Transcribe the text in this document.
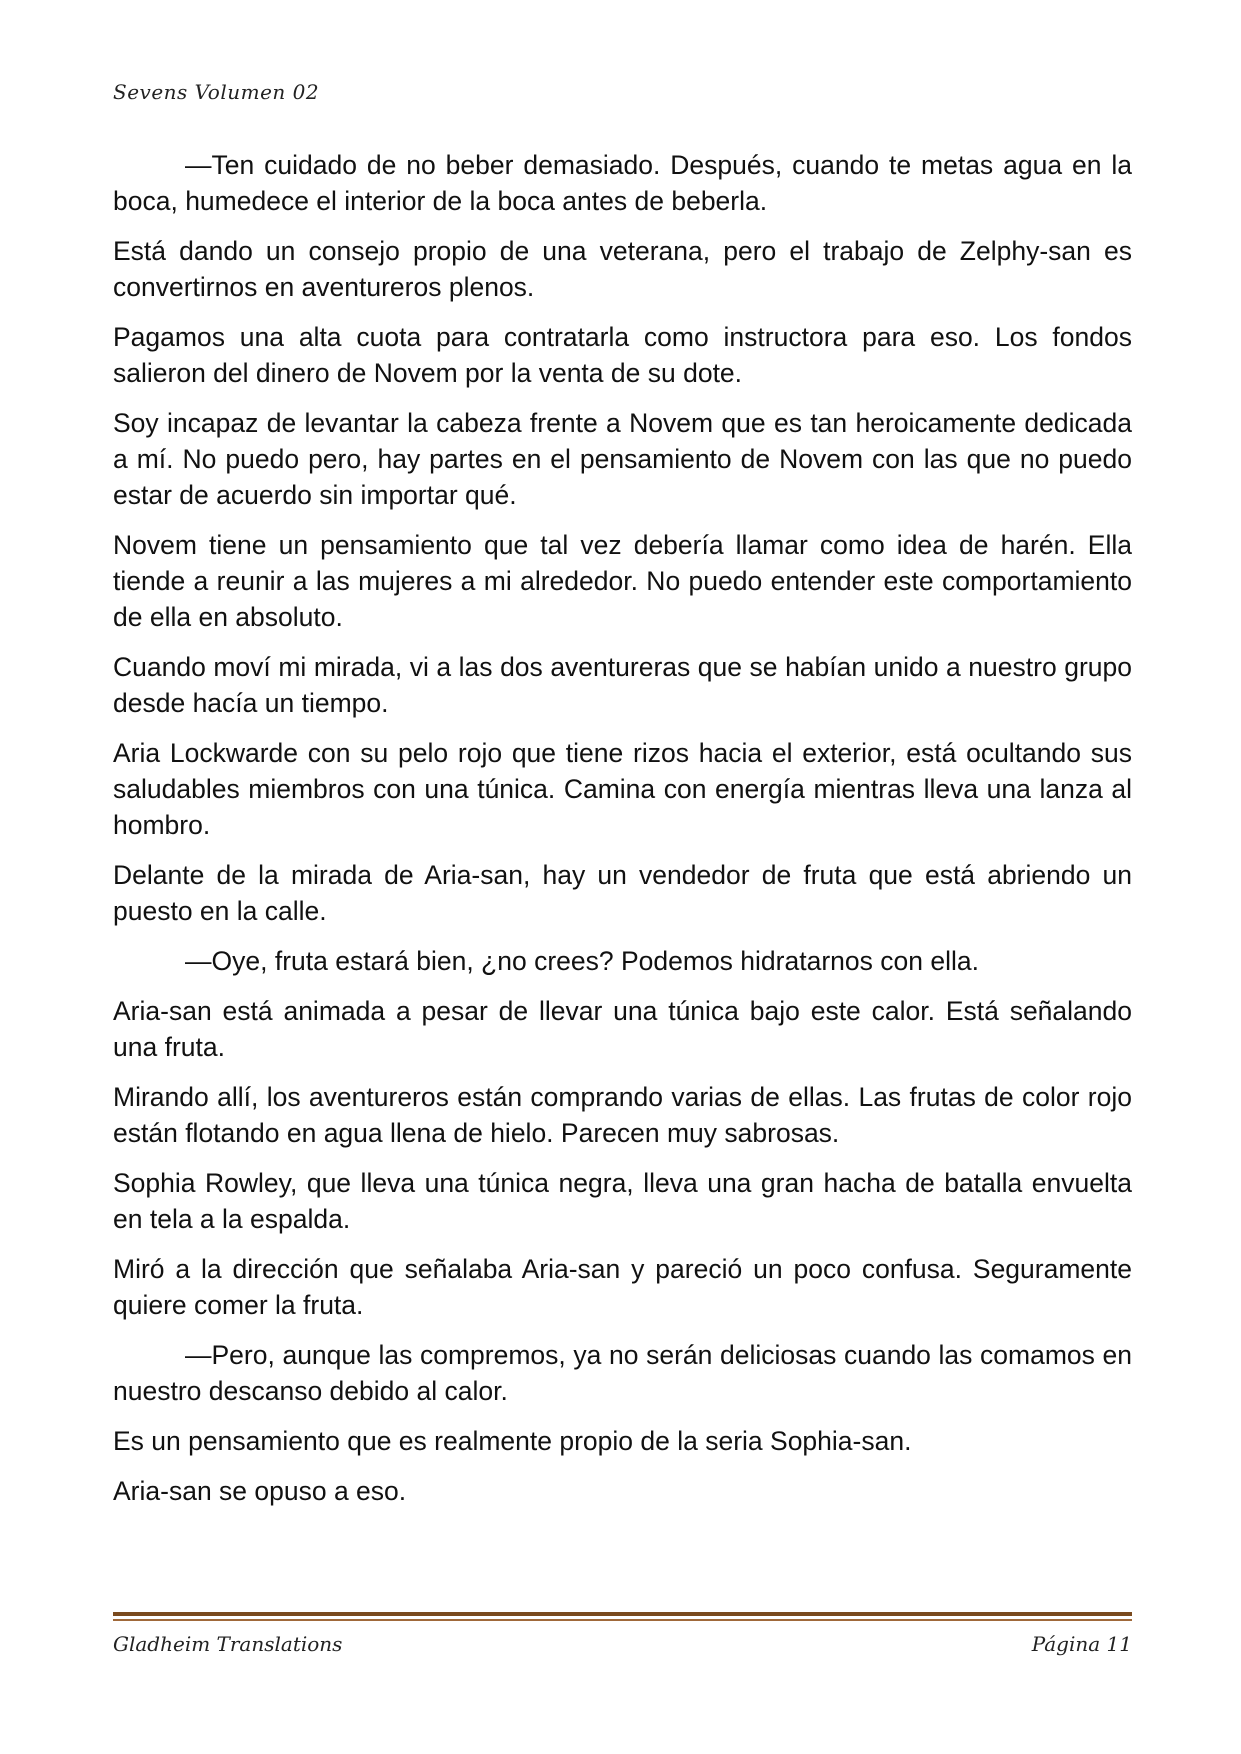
Sevens Volumen 02

—Ten cuidado de no beber demasiado. Después, cuando te metas agua en la boca, humedece el interior de la boca antes de beberla.

Está dando un consejo propio de una veterana, pero el trabajo de Zelphy-san es convertirnos en aventureros plenos.

Pagamos una alta cuota para contratarla como instructora para eso. Los fondos salieron del dinero de Novem por la venta de su dote.

Soy incapaz de levantar la cabeza frente a Novem que es tan heroicamente dedicada a mí. No puedo pero, hay partes en el pensamiento de Novem con las que no puedo estar de acuerdo sin importar qué.

Novem tiene un pensamiento que tal vez debería llamar como idea de harén. Ella tiende a reunir a las mujeres a mi alrededor. No puedo entender este comportamiento de ella en absoluto.

Cuando moví mi mirada, vi a las dos aventureras que se habían unido a nuestro grupo desde hacía un tiempo.

Aria Lockwarde con su pelo rojo que tiene rizos hacia el exterior, está ocultando sus saludables miembros con una túnica. Camina con energía mientras lleva una lanza al hombro.

Delante de la mirada de Aria-san, hay un vendedor de fruta que está abriendo un puesto en la calle.

—Oye, fruta estará bien, ¿no crees? Podemos hidratarnos con ella.

Aria-san está animada a pesar de llevar una túnica bajo este calor. Está señalando una fruta.

Mirando allí, los aventureros están comprando varias de ellas. Las frutas de color rojo están flotando en agua llena de hielo. Parecen muy sabrosas.

Sophia Rowley, que lleva una túnica negra, lleva una gran hacha de batalla envuelta en tela a la espalda.

Miró a la dirección que señalaba Aria-san y pareció un poco confusa. Seguramente quiere comer la fruta.

—Pero, aunque las compremos, ya no serán deliciosas cuando las comamos en nuestro descanso debido al calor.

Es un pensamiento que es realmente propio de la seria Sophia-san.

Aria-san se opuso a eso.

Gladheim Translations	Página 11
